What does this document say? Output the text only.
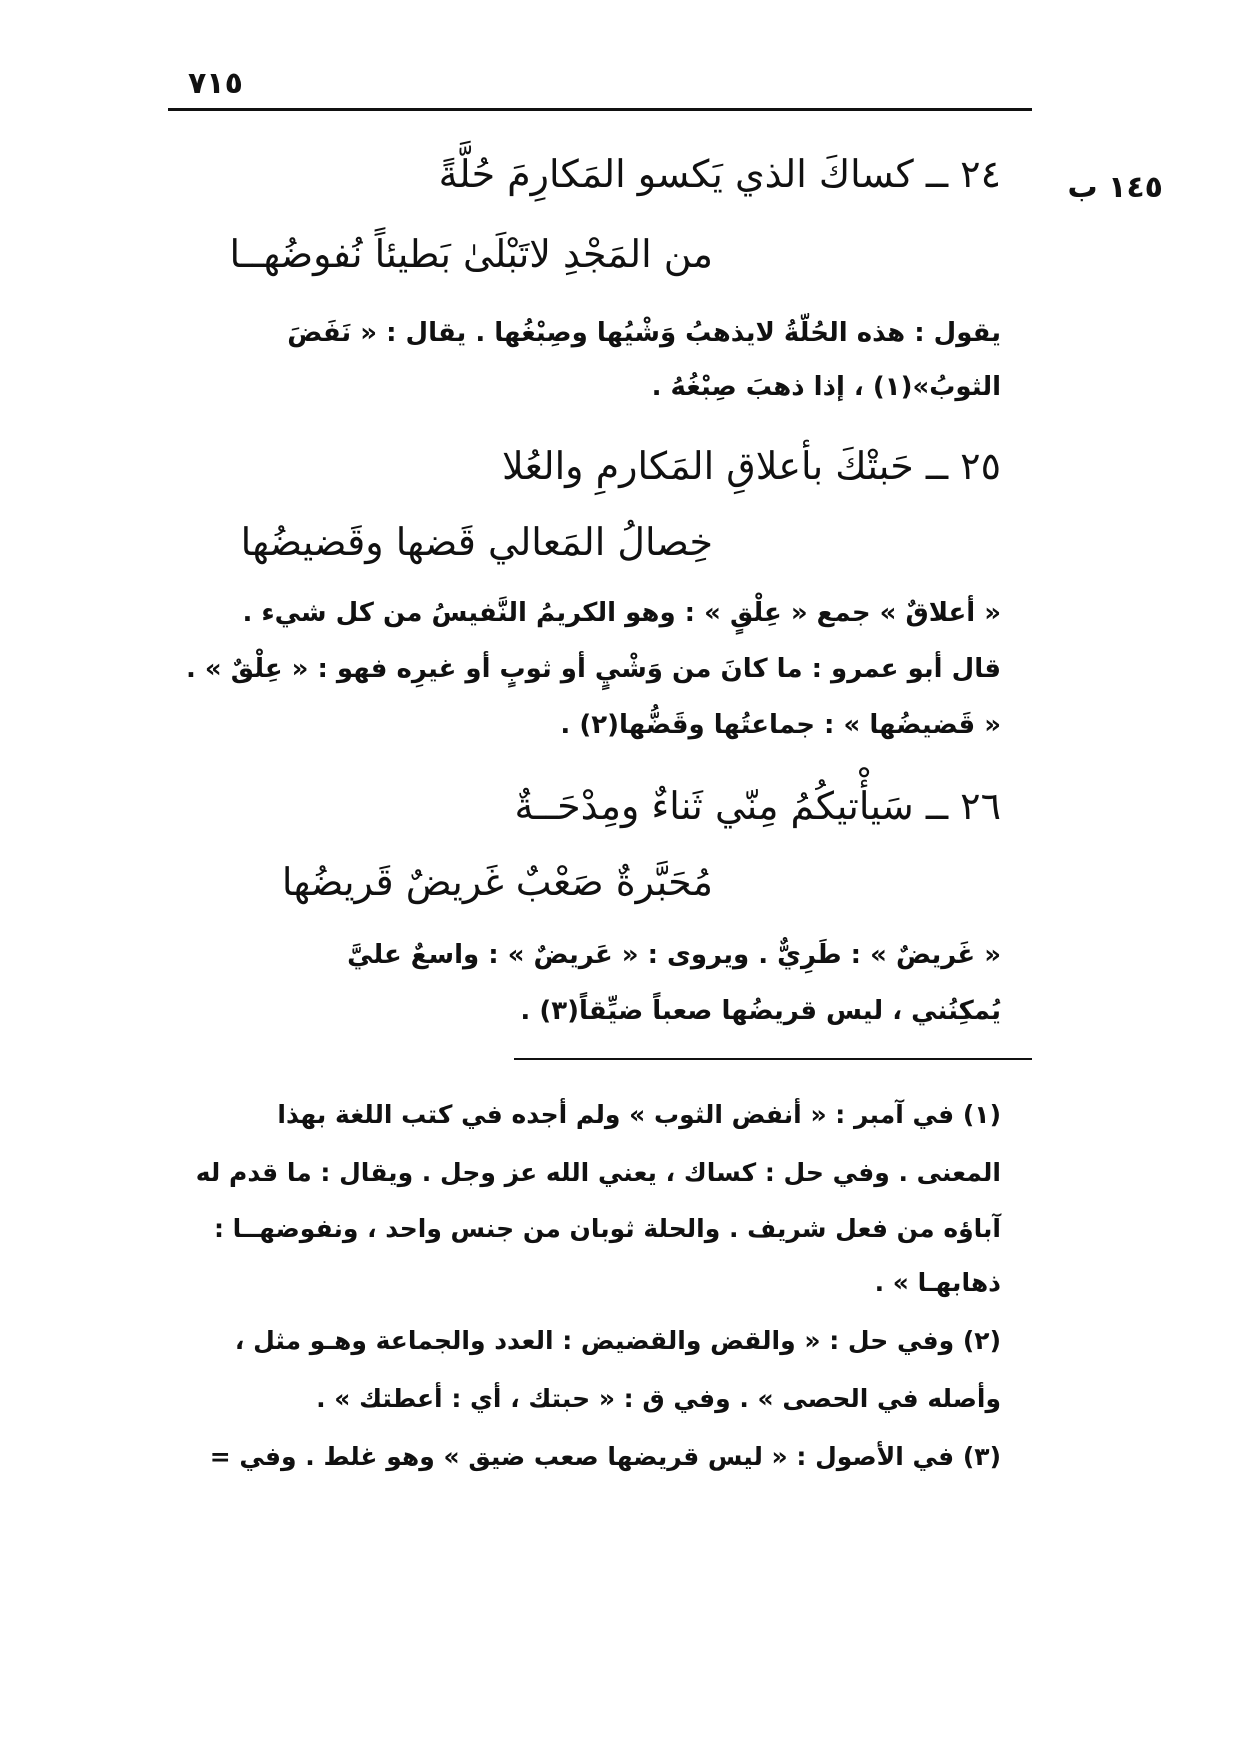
٧١٥
١٤٥ ب
٢٤ ــ كساكَ الذي يَكسو المَكارِمَ حُلَّةً
من المَجْدِ لاتَبْلَىٰ بَطيئاً نُفوضُهــا
يقول : هذه الحُلّةُ لايذهبُ وَشْيُها وصِبْغُها . يقال : « نَفَضَ
الثوبُ»(١) ، إذا ذهبَ صِبْغُهُ .
٢٥ ــ حَبتْكَ بأعلاقِ المَكارمِ والعُلا
خِصالُ المَعالي قَضها وقَضيضُها
« أعلاقٌ » جمع « عِلْقٍ » : وهو الكريمُ النَّفيسُ من كل شيء .
قال أبو عمرو : ما كانَ من وَشْيٍ أو ثوبٍ أو غيرِه فهو : « عِلْقٌ » .
« قَضيضُها » : جماعتُها وقَضُّها(٢) .
٢٦ ــ سَيأْتيكُمُ مِنّي ثَناءٌ ومِدْحَــةٌ
مُحَبَّرةٌ صَعْبٌ غَريضٌ قَريضُها
« غَريضٌ » : طَرِيٌّ . ويروى : « عَريضٌ » : واسعٌ عليَّ
يُمكِنُني ، ليس قريضُها صعباً ضيِّقاً(٣) .
(١) في آمبر : « أنفض الثوب » ولم أجده في كتب اللغة بهذا
المعنى . وفي حل : كساك ، يعني الله عز وجل . ويقال : ما قدم له
آباؤه من فعل شريف . والحلة ثوبان من جنس واحد ، ونفوضهــا :
ذهابهـا » .
(٢) وفي حل : « والقض والقضيض : العدد والجماعة وهـو مثل ،
وأصله في الحصى » . وفي ق : « حبتك ، أي : أعطتك » .
(٣) في الأصول : « ليس قريضها صعب ضيق » وهو غلط . وفي =
